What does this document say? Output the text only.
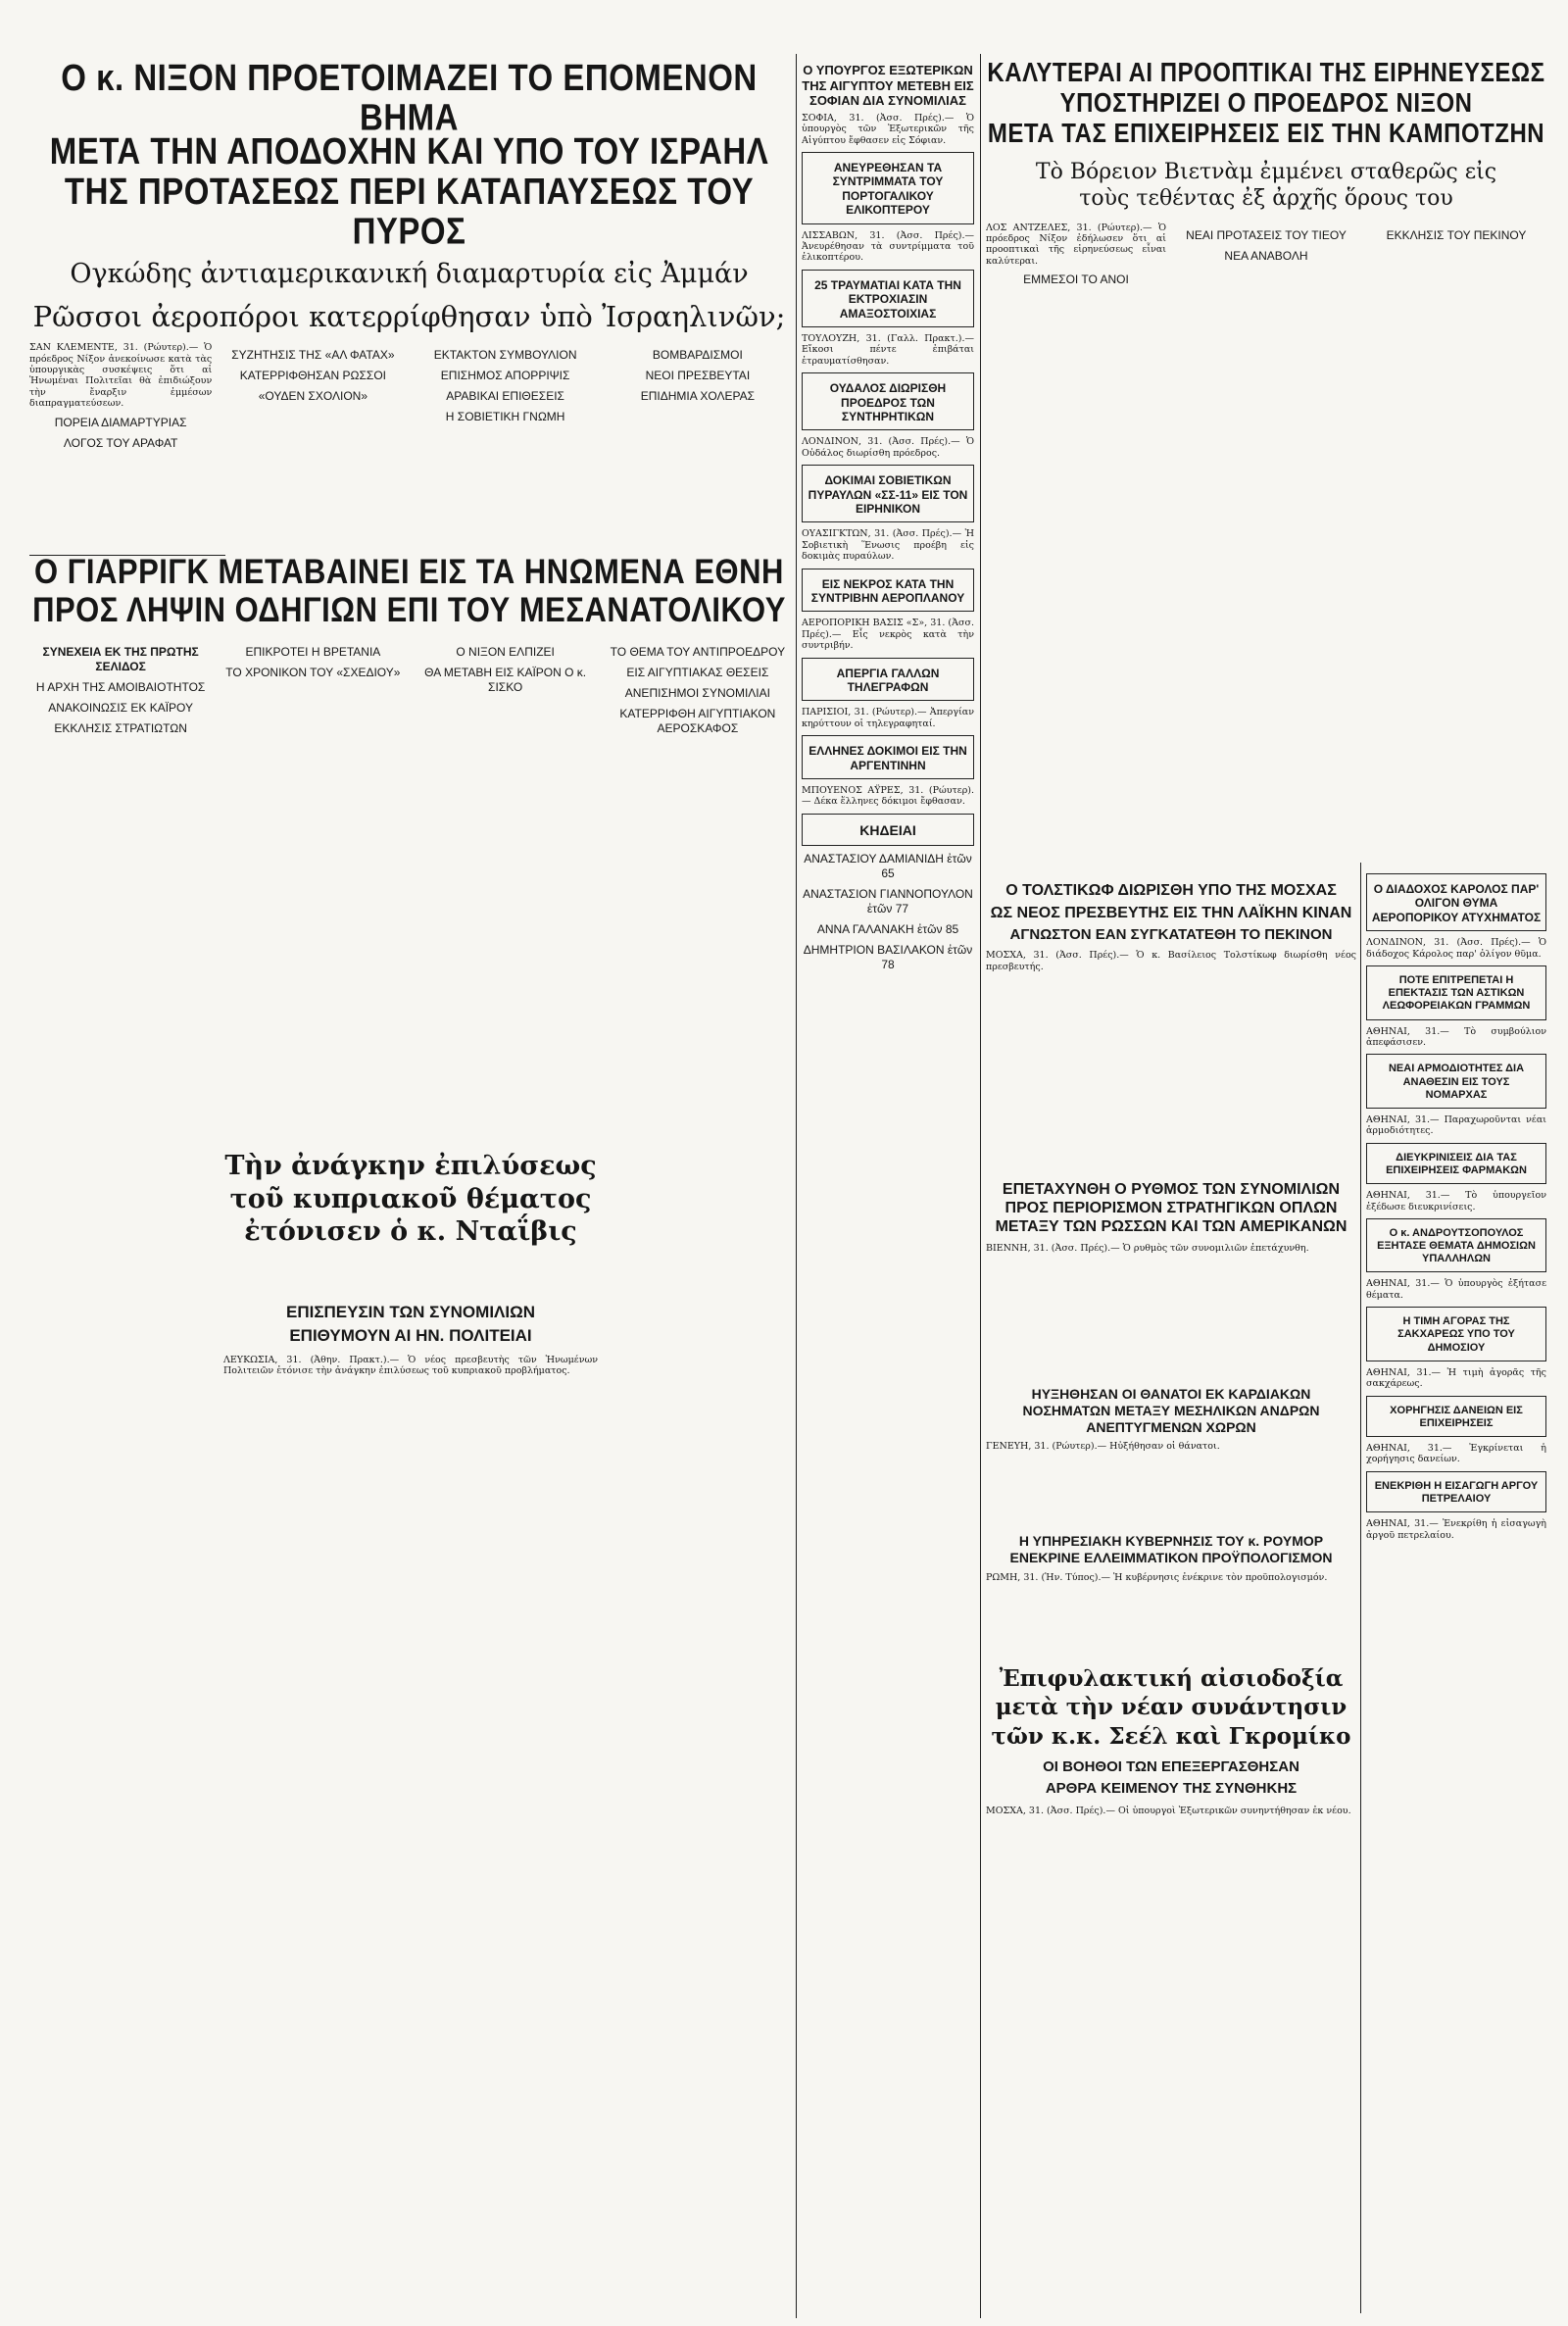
Ο κ. ΝΙΞΟΝ ΠΡΟΕΤΟΙΜΑΖΕΙ ΤΟ ΕΠΟΜΕΝΟΝ ΒΗΜΑ
ΜΕΤΑ ΤΗΝ ΑΠΟΔΟΧΗΝ ΚΑΙ ΥΠΟ ΤΟΥ ΙΣΡΑΗΛ
ΤΗΣ ΠΡΟΤΑΣΕΩΣ ΠΕΡΙ ΚΑΤΑΠΑΥΣΕΩΣ ΤΟΥ ΠΥΡΟΣ
Ογκώδης ἀντιαμερικανική διαμαρτυρία εἰς Ἀμμάν
Ρῶσσοι ἀεροπόροι κατερρίφθησαν ὑπὸ Ἰσραηλινῶν;

ΣΑΝ ΚΛΕΜΕΝΤΕ, 31. (Ρώυτερ).— Ὁ πρόεδρος Νίξον ἀνεκοίνωσε κατὰ τὰς ὑπουργικὰς συσκέψεις ὅτι αἱ Ἡνωμέναι Πολιτεῖαι θὰ ἐπιδιώξουν τὴν ἔναρξιν ἐμμέσων διαπραγματεύσεων.

ΠΟΡΕΙΑ ΔΙΑΜΑΡΤΥΡΙΑΣ
ΛΟΓΟΣ ΤΟΥ ΑΡΑΦΑΤ
ΣΥΖΗΤΗΣΙΣ ΤΗΣ «ΑΛ ΦΑΤΑΧ»
ΚΑΤΕΡΡΙΦΘΗΣΑΝ ΡΩΣΣΟΙ
«ΟΥΔΕΝ ΣΧΟΛΙΟΝ»
ΕΚΤΑΚΤΟΝ ΣΥΜΒΟΥΛΙΟΝ
ΕΠΙΣΗΜΟΣ ΑΠΟΡΡΙΨΙΣ
ΑΡΑΒΙΚΑΙ ΕΠΙΘΕΣΕΙΣ
Η ΣΟΒΙΕΤΙΚΗ ΓΝΩΜΗ
ΒΟΜΒΑΡΔΙΣΜΟΙ
ΝΕΟΙ ΠΡΕΣΒΕΥΤΑΙ
ΕΠΙΔΗΜΙΑ ΧΟΛΕΡΑΣ
Ο ΓΙΑΡΡΙΓΚ ΜΕΤΑΒΑΙΝΕΙ ΕΙΣ ΤΑ ΗΝΩΜΕΝΑ ΕΘΝΗ
ΠΡΟΣ ΛΗΨΙΝ ΟΔΗΓΙΩΝ ΕΠΙ ΤΟΥ ΜΕΣΑΝΑΤΟΛΙΚΟΥ
ΣΥΝΕΧΕΙΑ ΕΚ ΤΗΣ ΠΡΩΤΗΣ ΣΕΛΙΔΟΣ
Η ΑΡΧΗ ΤΗΣ ΑΜΟΙΒΑΙΟΤΗΤΟΣ
ΑΝΑΚΟΙΝΩΣΙΣ ΕΚ ΚΑΪΡΟΥ
ΕΚΚΛΗΣΙΣ ΣΤΡΑΤΙΩΤΩΝ
ΕΠΙΚΡΟΤΕΙ Η ΒΡΕΤΑΝΙΑ
ΤΟ ΧΡΟΝΙΚΟΝ ΤΟΥ «ΣΧΕΔΙΟΥ»
Ο ΝΙΞΟΝ ΕΛΠΙΖΕΙ
ΘΑ ΜΕΤΑΒΗ ΕΙΣ ΚΑΪΡΟΝ Ο κ. ΣΙΣΚΟ
ΤΟ ΘΕΜΑ ΤΟΥ ΑΝΤΙΠΡΟΕΔΡΟΥ
ΕΙΣ ΑΙΓΥΠΤΙΑΚΑΣ ΘΕΣΕΙΣ
ΑΝΕΠΙΣΗΜΟΙ ΣΥΝΟΜΙΛΙΑΙ
ΚΑΤΕΡΡΙΦΘΗ ΑΙΓΥΠΤΙΑΚΟΝ ΑΕΡΟΣΚΑΦΟΣ
Τὴν ἀνάγκην ἐπιλύσεως
τοῦ κυπριακοῦ θέματος
ἐτόνισεν ὁ κ. Νταΐβις
ΕΠΙΣΠΕΥΣΙΝ ΤΩΝ ΣΥΝΟΜΙΛΙΩΝ
ΕΠΙΘΥΜΟΥΝ ΑΙ ΗΝ. ΠΟΛΙΤΕΙΑΙ

ΛΕΥΚΩΣΙΑ, 31. (Ἀθην. Πρακτ.).— Ὁ νέος πρεσβευτὴς τῶν Ἡνωμένων Πολιτειῶν ἐτόνισε τὴν ἀνάγκην ἐπιλύσεως τοῦ κυπριακοῦ προβλήματος.

Ο ΥΠΟΥΡΓΟΣ ΕΞΩΤΕΡΙΚΩΝ ΤΗΣ ΑΙΓΥΠΤΟΥ ΜΕΤΕΒΗ ΕΙΣ ΣΟΦΙΑΝ ΔΙΑ ΣΥΝΟΜΙΛΙΑΣ

ΣΟΦΙΑ, 31. (Ἀσσ. Πρές).— Ὁ ὑπουργὸς τῶν Ἐξωτερικῶν τῆς Αἰγύπτου ἔφθασεν εἰς Σόφιαν.

ΑΝΕΥΡΕΘΗΣΑΝ ΤΑ ΣΥΝΤΡΙΜΜΑΤΑ ΤΟΥ ΠΟΡΤΟΓΑΛΙΚΟΥ ΕΛΙΚΟΠΤΕΡΟΥ

ΛΙΣΣΑΒΩΝ, 31. (Ἀσσ. Πρές).— Ἀνευρέθησαν τὰ συντρίμματα τοῦ ἐλικοπτέρου.

25 ΤΡΑΥΜΑΤΙΑΙ ΚΑΤΑ ΤΗΝ ΕΚΤΡΟΧΙΑΣΙΝ ΑΜΑΞΟΣΤΟΙΧΙΑΣ

ΤΟΥΛΟΥΖΗ, 31. (Γαλλ. Πρακτ.).— Εἴκοσι πέντε ἐπιβάται ἐτραυματίσθησαν.

ΟΥΔΑΛΟΣ ΔΙΩΡΙΣΘΗ ΠΡΟΕΔΡΟΣ ΤΩΝ ΣΥΝΤΗΡΗΤΙΚΩΝ

ΛΟΝΔΙΝΟΝ, 31. (Ἀσσ. Πρές).— Ὁ Οὐδάλος διωρίσθη πρόεδρος.

ΔΟΚΙΜΑΙ ΣΟΒΙΕΤΙΚΩΝ ΠΥΡΑΥΛΩΝ «ΣΣ-11» ΕΙΣ ΤΟΝ ΕΙΡΗΝΙΚΟΝ

ΟΥΑΣΙΓΚΤΩΝ, 31. (Ἀσσ. Πρές).— Ἡ Σοβιετικὴ Ἕνωσις προέβη εἰς δοκιμὰς πυραύλων.

ΕΙΣ ΝΕΚΡΟΣ ΚΑΤΑ ΤΗΝ ΣΥΝΤΡΙΒΗΝ ΑΕΡΟΠΛΑΝΟΥ

ΑΕΡΟΠΟΡΙΚΗ ΒΑΣΙΣ «Σ», 31. (Ἀσσ. Πρές).— Εἷς νεκρὸς κατὰ τὴν συντριβήν.

ΑΠΕΡΓΙΑ ΓΑΛΛΩΝ ΤΗΛΕΓΡΑΦΩΝ

ΠΑΡΙΣΙΟΙ, 31. (Ρώυτερ).— Ἀπεργίαν κηρύττουν οἱ τηλεγραφηταί.

ΕΛΛΗΝΕΣ ΔΟΚΙΜΟΙ ΕΙΣ ΤΗΝ ΑΡΓΕΝΤΙΝΗΝ

ΜΠΟΥΕΝΟΣ ΑΫΡΕΣ, 31. (Ρώυτερ).— Δέκα ἕλληνες δόκιμοι ἔφθασαν.

ΚΗΔΕΙΑΙ
ΑΝΑΣΤΑΣΙΟΥ ΔΑΜΙΑΝΙΔΗ ἐτῶν 65
ΑΝΑΣΤΑΣΙΟΝ ΓΙΑΝΝΟΠΟΥΛΟΝ ἐτῶν 77
ΑΝΝΑ ΓΑΛΑΝΑΚΗ ἐτῶν 85
ΔΗΜΗΤΡΙΟΝ ΒΑΣΙΛΑΚΟΝ ἐτῶν 78
ΚΑΛΥΤΕΡΑΙ ΑΙ ΠΡΟΟΠΤΙΚΑΙ ΤΗΣ ΕΙΡΗΝΕΥΣΕΩΣ
ΥΠΟΣΤΗΡΙΖΕΙ Ο ΠΡΟΕΔΡΟΣ ΝΙΞΟΝ
ΜΕΤΑ ΤΑΣ ΕΠΙΧΕΙΡΗΣΕΙΣ ΕΙΣ ΤΗΝ ΚΑΜΠΟΤΖΗΝ
Τὸ Βόρειον Βιετνὰμ ἐμμένει σταθερῶς εἰς τοὺς τεθέντας ἐξ ἀρχῆς ὅρους του

ΛΟΣ ΑΝΤΖΕΛΕΣ, 31. (Ρώυτερ).— Ὁ πρόεδρος Νίξον ἐδήλωσεν ὅτι αἱ προοπτικαὶ τῆς εἰρηνεύσεως εἶναι καλύτεραι.

ΕΜΜΕΣΟΙ ΤΟ ΑΝΟΙ
ΝΕΑΙ ΠΡΟΤΑΣΕΙΣ ΤΟΥ ΤΙΕΟΥ
ΝΕΑ ΑΝΑΒΟΛΗ
ΕΚΚΛΗΣΙΣ ΤΟΥ ΠΕΚΙΝΟΥ
Ο ΤΟΛΣΤΙΚΩΦ ΔΙΩΡΙΣΘΗ ΥΠΟ ΤΗΣ ΜΟΣΧΑΣ
ΩΣ ΝΕΟΣ ΠΡΕΣΒΕΥΤΗΣ ΕΙΣ ΤΗΝ ΛΑΪΚΗΝ ΚΙΝΑΝ
ΑΓΝΩΣΤΟΝ ΕΑΝ ΣΥΓΚΑΤΑΤΕΘΗ ΤΟ ΠΕΚΙΝΟΝ

ΜΟΣΧΑ, 31. (Ἀσσ. Πρές).— Ὁ κ. Βασίλειος Τολστίκωφ διωρίσθη νέος πρεσβευτής.

ΕΠΕΤΑΧΥΝΘΗ Ο ΡΥΘΜΟΣ ΤΩΝ ΣΥΝΟΜΙΛΙΩΝ ΠΡΟΣ ΠΕΡΙΟΡΙΣΜΟΝ ΣΤΡΑΤΗΓΙΚΩΝ ΟΠΛΩΝ ΜΕΤΑΞΥ ΤΩΝ ΡΩΣΣΩΝ ΚΑΙ ΤΩΝ ΑΜΕΡΙΚΑΝΩΝ

ΒΙΕΝΝΗ, 31. (Ἀσσ. Πρές).— Ὁ ρυθμὸς τῶν συνομιλιῶν ἐπετάχυνθη.

ΗΥΞΗΘΗΣΑΝ ΟΙ ΘΑΝΑΤΟΙ ΕΚ ΚΑΡΔΙΑΚΩΝ ΝΟΣΗΜΑΤΩΝ ΜΕΤΑΞΥ ΜΕΣΗΛΙΚΩΝ ΑΝΔΡΩΝ ΑΝΕΠΤΥΓΜΕΝΩΝ ΧΩΡΩΝ

ΓΕΝΕΥΗ, 31. (Ρώυτερ).— Ηὐξήθησαν οἱ θάνατοι.

Η ΥΠΗΡΕΣΙΑΚΗ ΚΥΒΕΡΝΗΣΙΣ ΤΟΥ κ. ΡΟΥΜΟΡ ΕΝΕΚΡΙΝΕ ΕΛΛΕΙΜΜΑΤΙΚΟΝ ΠΡΟΫΠΟΛΟΓΙΣΜΟΝ

ΡΩΜΗ, 31. (Ἡν. Τύπος).— Ἡ κυβέρνησις ἐνέκρινε τὸν προϋπολογισμόν.

Ἐπιφυλακτική αἰσιοδοξία
μετὰ τὴν νέαν συνάντησιν
τῶν κ.κ. Σεέλ καὶ Γκρομίκο
ΟΙ ΒΟΗΘΟΙ ΤΩΝ ΕΠΕΞΕΡΓΑΣΘΗΣΑΝ
ΑΡΘΡΑ ΚΕΙΜΕΝΟΥ ΤΗΣ ΣΥΝΘΗΚΗΣ

ΜΟΣΧΑ, 31. (Ἀσσ. Πρές).— Οἱ ὑπουργοὶ Ἐξωτερικῶν συνηντήθησαν ἐκ νέου.

Ο ΔΙΑΔΟΧΟΣ ΚΑΡΟΛΟΣ ΠΑΡ' ΟΛΙΓΟΝ ΘΥΜΑ ΑΕΡΟΠΟΡΙΚΟΥ ΑΤΥΧΗΜΑΤΟΣ

ΛΟΝΔΙΝΟΝ, 31. (Ἀσσ. Πρές).— Ὁ διάδοχος Κάρολος παρ' ὀλίγον θῦμα.

ΠΟΤΕ ΕΠΙΤΡΕΠΕΤΑΙ Η ΕΠΕΚΤΑΣΙΣ ΤΩΝ ΑΣΤΙΚΩΝ ΛΕΩΦΟΡΕΙΑΚΩΝ ΓΡΑΜΜΩΝ

ΑΘΗΝΑΙ, 31.— Τὸ συμβούλιον ἀπεφάσισεν.

ΝΕΑΙ ΑΡΜΟΔΙΟΤΗΤΕΣ ΔΙΑ ΑΝΑΘΕΣΙΝ ΕΙΣ ΤΟΥΣ ΝΟΜΑΡΧΑΣ

ΑΘΗΝΑΙ, 31.— Παραχωροῦνται νέαι ἁρμοδιότητες.

ΔΙΕΥΚΡΙΝΙΣΕΙΣ ΔΙΑ ΤΑΣ ΕΠΙΧΕΙΡΗΣΕΙΣ ΦΑΡΜΑΚΩΝ

ΑΘΗΝΑΙ, 31.— Τὸ ὑπουργεῖον ἐξέδωσε διευκρινίσεις.

Ο κ. ΑΝΔΡΟΥΤΣΟΠΟΥΛΟΣ ΕΞΗΤΑΣΕ ΘΕΜΑΤΑ ΔΗΜΟΣΙΩΝ ΥΠΑΛΛΗΛΩΝ

ΑΘΗΝΑΙ, 31.— Ὁ ὑπουργὸς ἐξήτασε θέματα.

Η ΤΙΜΗ ΑΓΟΡΑΣ ΤΗΣ ΣΑΚΧΑΡΕΩΣ ΥΠΟ ΤΟΥ ΔΗΜΟΣΙΟΥ

ΑΘΗΝΑΙ, 31.— Ἡ τιμὴ ἀγορᾶς τῆς σακχάρεως.

ΧΟΡΗΓΗΣΙΣ ΔΑΝΕΙΩΝ ΕΙΣ ΕΠΙΧΕΙΡΗΣΕΙΣ

ΑΘΗΝΑΙ, 31.— Ἐγκρίνεται ἡ χορήγησις δανείων.

ΕΝΕΚΡΙΘΗ Η ΕΙΣΑΓΩΓΗ ΑΡΓΟΥ ΠΕΤΡΕΛΑΙΟΥ

ΑΘΗΝΑΙ, 31.— Ἐνεκρίθη ἡ εἰσαγωγὴ ἀργοῦ πετρελαίου.
